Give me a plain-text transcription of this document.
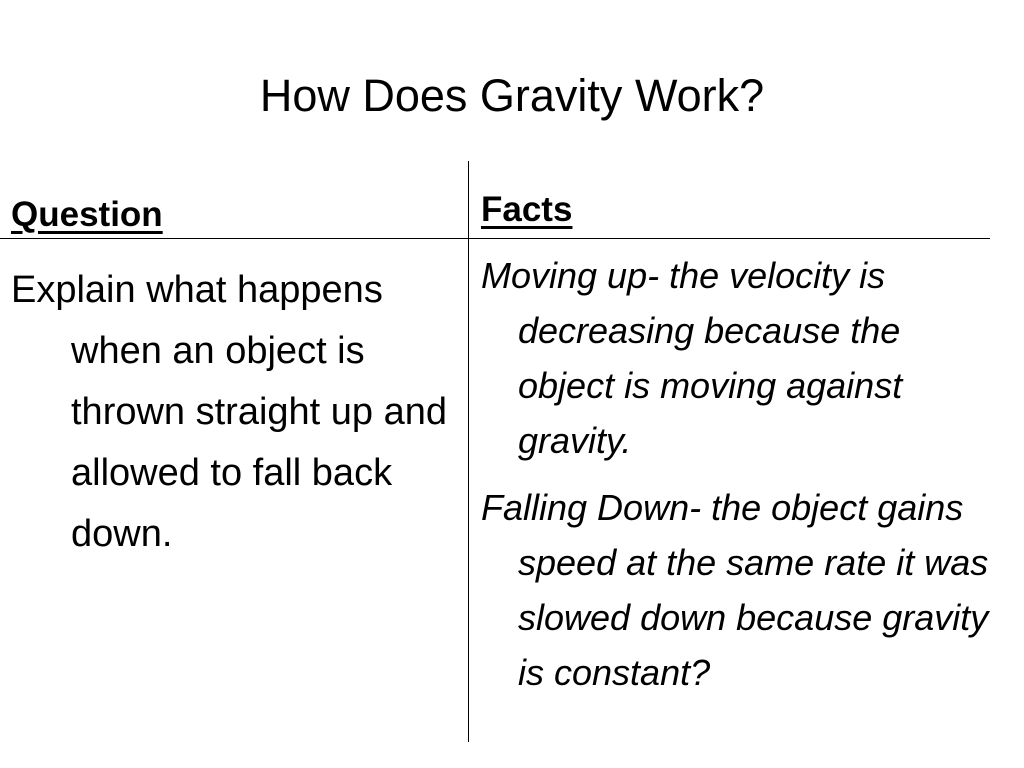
How Does Gravity Work?
Question	Facts

Explain what happens when an object is thrown straight up and allowed to fall back down.

Moving up- the velocity is decreasing because the object is moving against gravity.

Falling Down- the object gains speed at the same rate it was slowed down because gravity is constant?
